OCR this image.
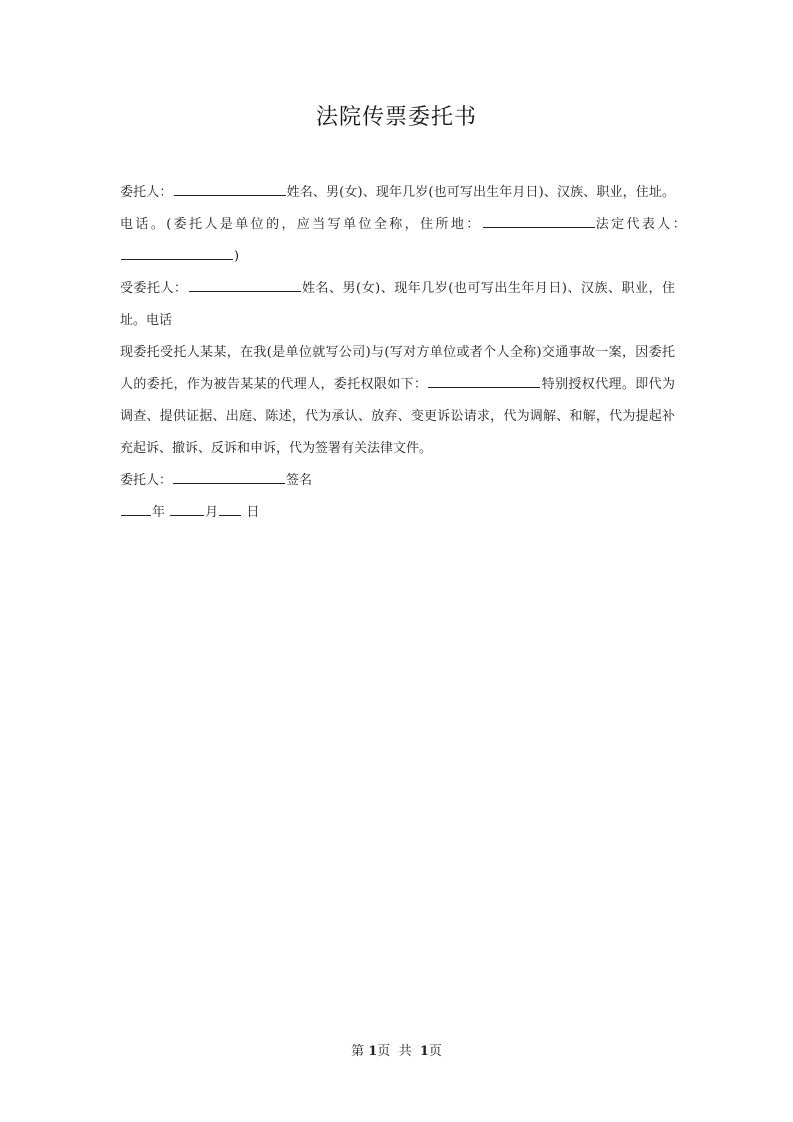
法院传票委托书
委托人：	姓名、男(女)、现年几岁(也可写出生年月日)、汉族、职业，住址。
电话。(委托人是单位的，应当写单位全称，住所地：	法定代表人：
)
受委托人：	姓名、男(女)、现年几岁(也可写出生年月日)、汉族、职业，住
址。电话
现委托受托人某某，在我(是单位就写公司)与(写对方单位或者个人全称)交通事故一案，因委托
人的委托，作为被告某某的代理人，委托权限如下：	特别授权代理。即代为
调查、提供证据、出庭、陈述，代为承认、放弃、变更诉讼请求，代为调解、和解，代为提起补
充起诉、撤诉、反诉和申诉，代为签署有关法律文件。
委托人：	签名
年	月 日
第 1页 共 1页
